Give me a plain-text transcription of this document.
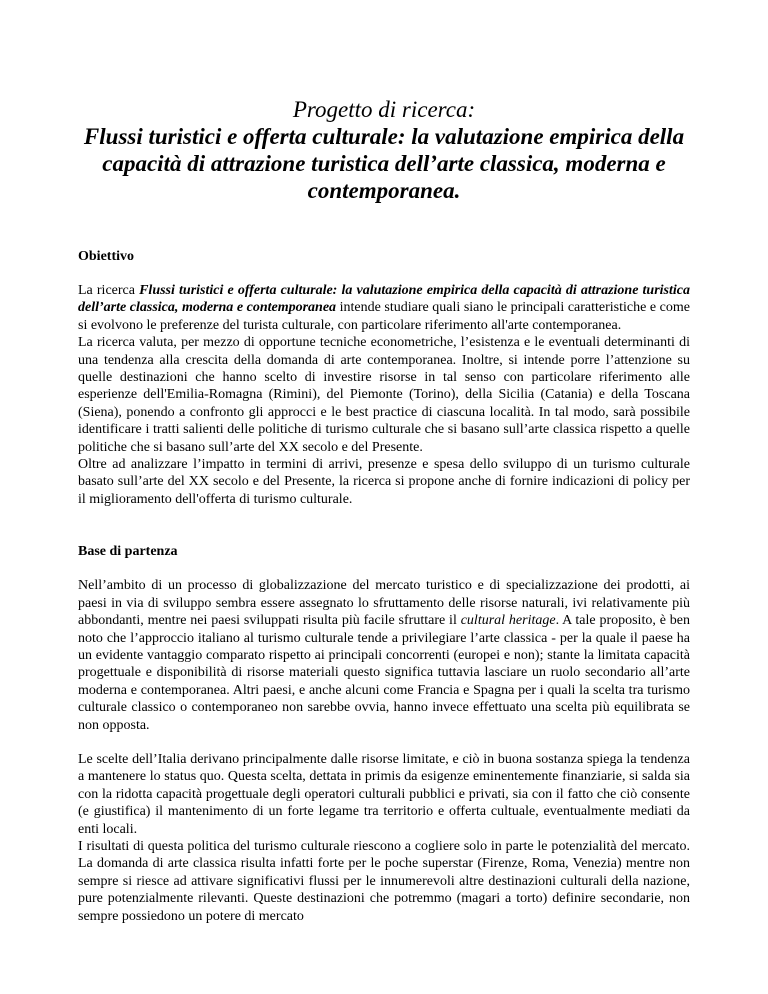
Progetto di ricerca:
Flussi turistici e offerta culturale: la valutazione empirica della capacità di attrazione turistica dell’arte classica, moderna e contemporanea.
Obiettivo

La ricerca Flussi turistici e offerta culturale: la valutazione empirica della capacità di attrazione turistica dell’arte classica, moderna e contemporanea intende studiare quali siano le principali caratteristiche e come si evolvono le preferenze del turista culturale, con particolare riferimento all'arte contemporanea.

La ricerca valuta, per mezzo di opportune tecniche econometriche, l’esistenza e le eventuali determinanti di una tendenza alla crescita della domanda di arte contemporanea. Inoltre, si intende porre l’attenzione su quelle destinazioni che hanno scelto di investire risorse in tal senso con particolare riferimento alle esperienze dell'Emilia-Romagna (Rimini), del Piemonte (Torino), della Sicilia (Catania) e della Toscana (Siena), ponendo a confronto gli approcci e le best practice di ciascuna località. In tal modo, sarà possibile identificare i tratti salienti delle politiche di turismo culturale che si basano sull’arte classica rispetto a quelle politiche che si basano sull’arte del XX secolo e del Presente.

Oltre ad analizzare l’impatto in termini di arrivi, presenze e spesa dello sviluppo di un turismo culturale basato sull’arte del XX secolo e del Presente, la ricerca si propone anche di fornire indicazioni di policy per il miglioramento dell'offerta di turismo culturale.

Base di partenza

Nell’ambito di un processo di globalizzazione del mercato turistico e di specializzazione dei prodotti, ai paesi in via di sviluppo sembra essere assegnato lo sfruttamento delle risorse naturali, ivi relativamente più abbondanti, mentre nei paesi sviluppati risulta più facile sfruttare il cultural heritage. A tale proposito, è ben noto che l’approccio italiano al turismo culturale tende a privilegiare l’arte classica - per la quale il paese ha un evidente vantaggio comparato rispetto ai principali concorrenti (europei e non); stante la limitata capacità progettuale e disponibilità di risorse materiali questo significa tuttavia lasciare un ruolo secondario all’arte moderna e contemporanea. Altri paesi, e anche alcuni come Francia e Spagna per i quali la scelta tra turismo culturale classico o contemporaneo non sarebbe ovvia, hanno invece effettuato una scelta più equilibrata se non opposta.

Le scelte dell’Italia derivano principalmente dalle risorse limitate, e ciò in buona sostanza spiega la tendenza a mantenere lo status quo. Questa scelta, dettata in primis da esigenze eminentemente finanziarie, si salda sia con la ridotta capacità progettuale degli operatori culturali pubblici e privati, sia con il fatto che ciò consente (e giustifica) il mantenimento di un forte legame tra territorio e offerta cultuale, eventualmente mediati da enti locali.

I risultati di questa politica del turismo culturale riescono a cogliere solo in parte le potenzialità del mercato. La domanda di arte classica risulta infatti forte per le poche superstar (Firenze, Roma, Venezia) mentre non sempre si riesce ad attivare significativi flussi per le innumerevoli altre destinazioni culturali della nazione, pure potenzialmente rilevanti. Queste destinazioni che potremmo (magari a torto) definire secondarie, non sempre possiedono un potere di mercato
